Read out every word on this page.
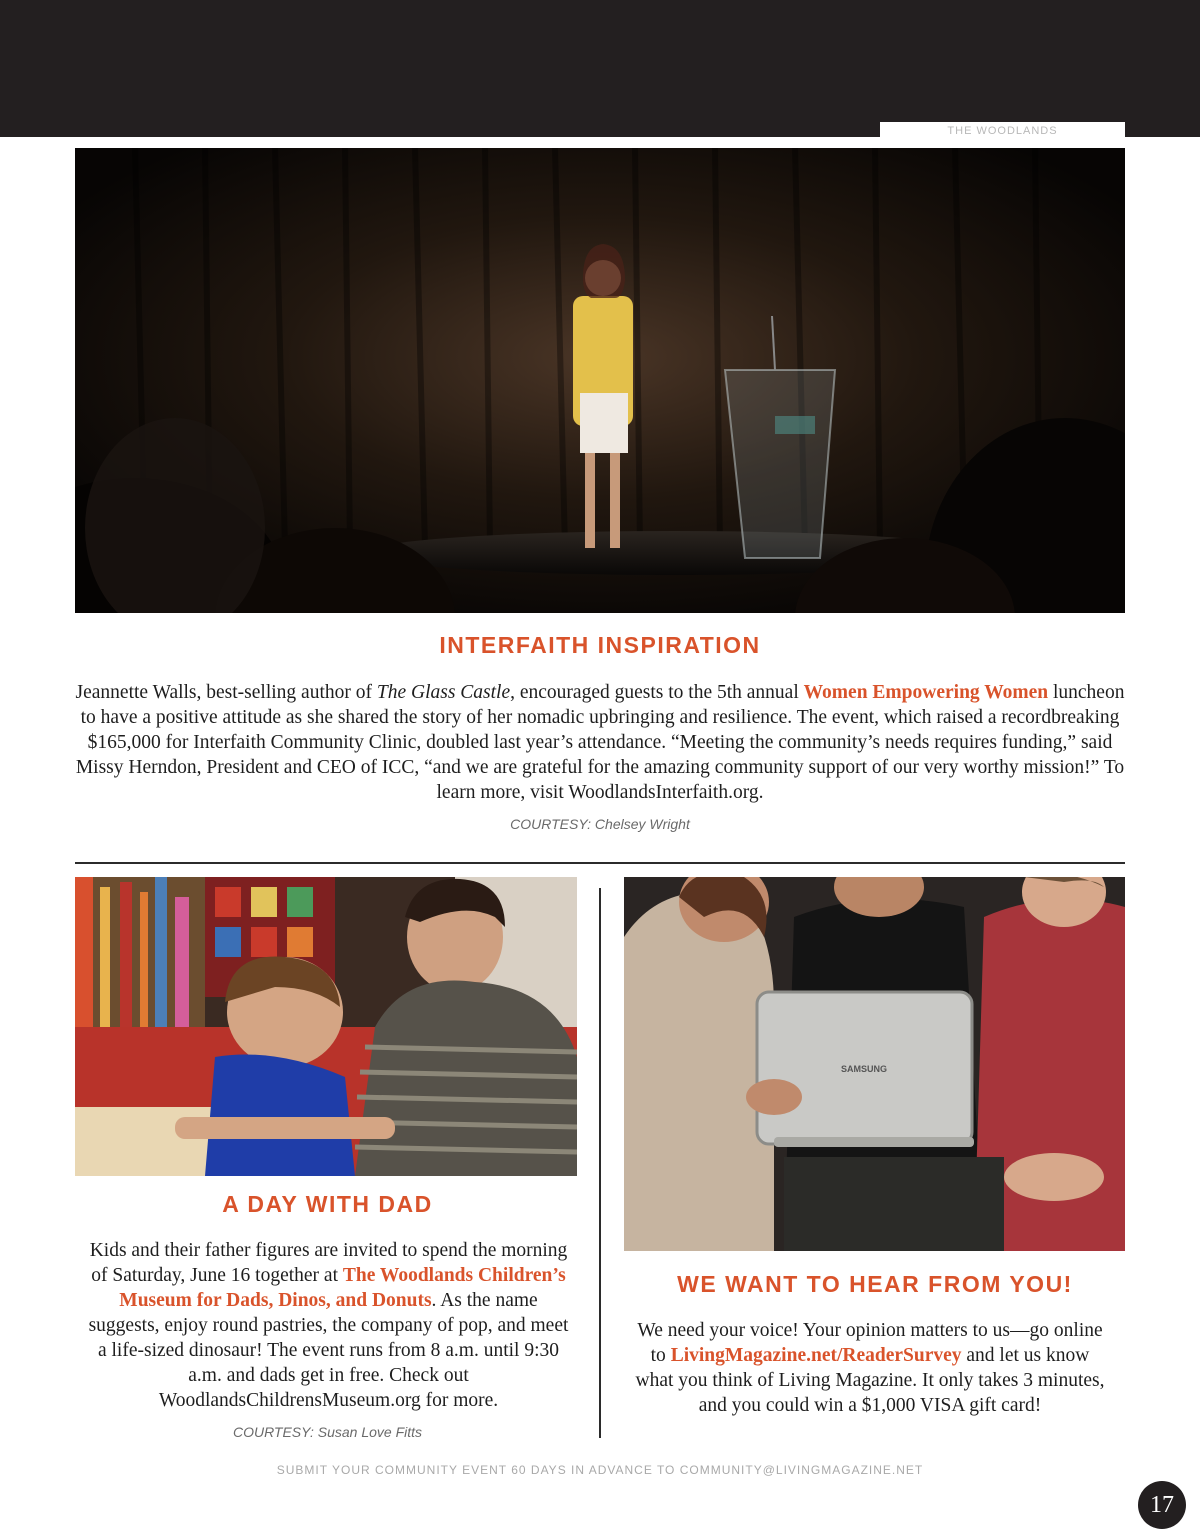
THE WOODLANDS
INTERFAITH INSPIRATION

Jeannette Walls, best-selling author of The Glass Castle, encouraged guests to the 5th annual Women Empowering Women luncheon to have a positive attitude as she shared the story of her nomadic upbringing and resilience. The event, which raised a recordbreaking $165,000 for Interfaith Community Clinic, doubled last year’s attendance. “Meeting the community’s needs requires funding,” said Missy Herndon, President and CEO of ICC, “and we are grateful for the amazing community support of our very worthy mission!” To learn more, visit WoodlandsInterfaith.org.

COURTESY: Chelsey Wright

A DAY WITH DAD

Kids and their father figures are invited to spend the morning of Saturday, June 16 together at The Woodlands Children’s Museum for Dads, Dinos, and Donuts. As the name suggests, enjoy round pastries, the company of pop, and meet a life-sized dinosaur! The event runs from 8 a.m. until 9:30 a.m. and dads get in free. Check out WoodlandsChildrensMuseum.org for more.

COURTESY: Susan Love Fitts

SAMSUNG
WE WANT TO HEAR FROM YOU!

We need your voice! Your opinion matters to us—go online to LivingMagazine.net/ReaderSurvey and let us know what you think of Living Magazine. It only takes 3 minutes, and you could win a $1,000 VISA gift card!

SUBMIT YOUR COMMUNITY EVENT 60 DAYS IN ADVANCE TO COMMUNITY@LIVINGMAGAZINE.NET
17
